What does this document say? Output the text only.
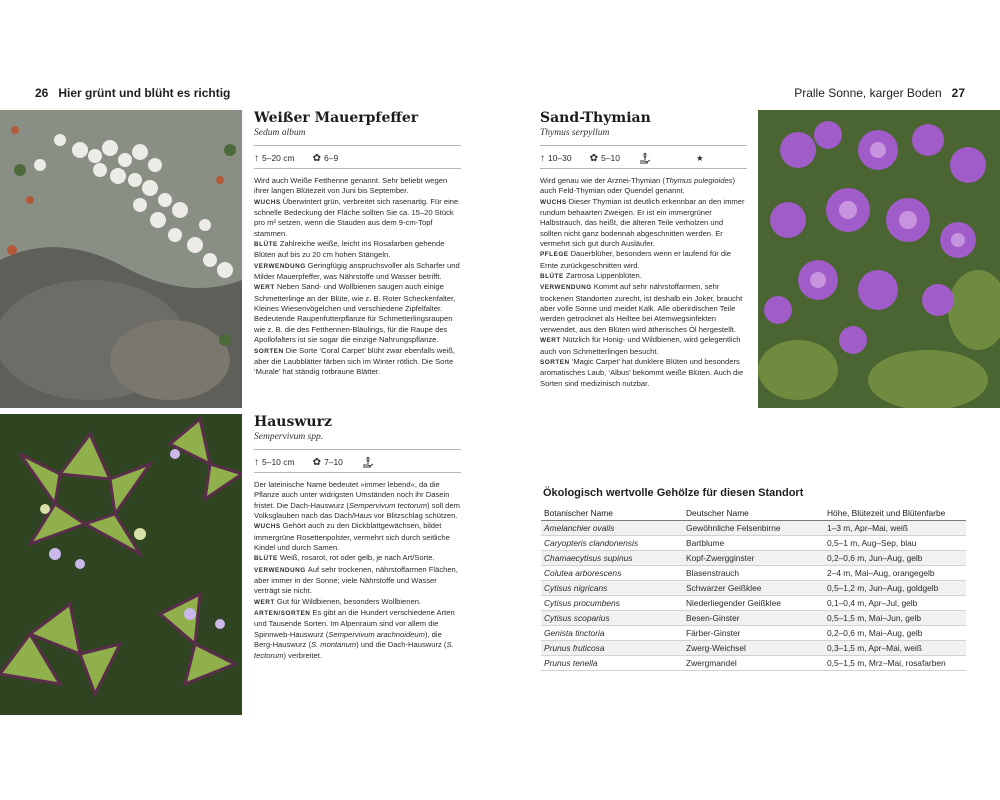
26 Hier grünt und blüht es richtig	Pralle Sonne, karger Boden 27
Weißer Mauerpfeffer
Sedum album
↑ 5–20 cm ✿ 6–9

Wird auch Weiße Fetthenne genannt. Sehr beliebt wegen ihrer langen Blütezeit von Juni bis September.

WUCHS Überwintert grün, verbreitet sich rasenartig. Für eine schnelle Bedeckung der Fläche sollten Sie ca. 15–20 Stück pro m² setzen, wenn die Stauden aus dem 9-cm-Topf stammen.

BLÜTE Zahlreiche weiße, leicht ins Rosafarben gehende Blüten auf bis zu 20 cm hohen Stängeln.

VERWENDUNG Geringfügig anspruchsvoller als Scharfer und Milder Mauerpfeffer, was Nährstoffe und Wasser betrifft.

WERT Neben Sand- und Wollbienen saugen auch einige Schmetterlinge an der Blüte, wie z. B. Roter Scheckenfalter, Kleines Wiesenvögelchen und verschiedene Zipfelfalter. Bedeutende Raupenfutterpflanze für Schmetterlingsraupen wie z. B. die des Fetthennen-Bläulings, für die Raupe des Apollofalters ist sie sogar die einzige Nahrungspflanze.

SORTEN Die Sorte ‘Coral Carpet’ blüht zwar ebenfalls weiß, aber die Laubblätter färben sich im Winter rötlich. Die Sorte ‘Murale’ hat ständig rotbraune Blätter.

Hauswurz
Sempervivum spp.
↑ 5–10 cm ✿ 7–10

Der lateinische Name bedeutet »immer lebend«, da die Pflanze auch unter widrigsten Umständen noch ihr Dasein fristet. Die Dach-Hauswurz (Sempervivum tectorum) soll dem Volksglauben nach das Dach/Haus vor Blitzschlag schützen.

WUCHS Gehört auch zu den Dickblattgewächsen, bildet immergrüne Rosettenpolster, vermehrt sich durch seitliche Kindel und durch Samen.

BLÜTE Weiß, rosarot, rot oder gelb, je nach Art/Sorte.

VERWENDUNG Auf sehr trockenen, nährstoffarmen Flächen, aber immer in der Sonne; viele Nährstoffe und Wasser verträgt sie nicht.

WERT Gut für Wildbienen, besonders Wollbienen.

ARTEN/SORTEN Es gibt an die Hundert verschiedene Arten und Tausende Sorten. Im Alpenraum sind vor allem die Spinnweb-Hauswurz (Sempervivum arachnoideum), die Berg-Hauswurz (S. montanum) und die Dach-Hauswurz (S. tectorum) verbreitet.

Sand-Thymian
Thymus serpyllum
↑ 10–30 ✿ 5–10	★

Wird genau wie der Arznei-Thymian (Thymus pulegioides) auch Feld-Thymian oder Quendel genannt.

WUCHS Dieser Thymian ist deutlich erkennbar an den immer rundum behaarten Zweigen. Er ist ein immergrüner Halbstrauch, das heißt, die älteren Teile verholzen und sollten nicht ganz bodennah abgeschnitten werden. Er vermehrt sich gut durch Ausläufer.

PFLEGE Dauerblüher, besonders wenn er laufend für die Ernte zurückgeschnitten wird.

BLÜTE Zartrosa Lippenblüten.

VERWENDUNG Kommt auf sehr nährstoffarmen, sehr trockenen Standorten zurecht, ist deshalb ein Joker, braucht aber volle Sonne und meidet Kalk. Alle oberirdischen Teile werden getrocknet als Heiltee bei Atemwegsinfekten verwendet, aus den Blüten wird ätherisches Öl hergestellt.

WERT Nützlich für Honig- und Wildbienen, wird gelegentlich auch von Schmetterlingen besucht.

SORTEN ‘Magic Carpet’ hat dunklere Blüten und besonders aromatisches Laub, ‘Albus’ bekommt weiße Blüten. Auch die Sorten sind medizinisch nutzbar.

Ökologisch wertvolle Gehölze für diesen Standort
Botanischer Name	Deutscher Name	Höhe, Blütezeit und Blütenfarbe
Amelanchier ovalis	Gewöhnliche Felsenbirne	1–3 m, Apr–Mai, weiß
Caryopteris clandonensis	Bartblume	0,5–1 m, Aug–Sep, blau
Chamaecytisus supinus	Kopf-Zwergginster	0,2–0,6 m, Jun–Aug, gelb
Colutea arborescens	Blasenstrauch	2–4 m, Mai–Aug, orangegelb
Cytisus nigricans	Schwarzer Geißklee	0,5–1,2 m, Jun–Aug, goldgelb
Cytisus procumbens	Niederliegender Geißklee	0,1–0,4 m, Apr–Jul, gelb
Cytisus scoparius	Besen-Ginster	0,5–1,5 m, Mai–Jun, gelb
Genista tinctoria	Färber-Ginster	0,2–0,6 m, Mai–Aug, gelb
Prunus fruticosa	Zwerg-Weichsel	0,3–1,5 m, Apr–Mai, weiß
Prunus tenella	Zwergmandel	0,5–1,5 m, Mrz–Mai, rosafarben
